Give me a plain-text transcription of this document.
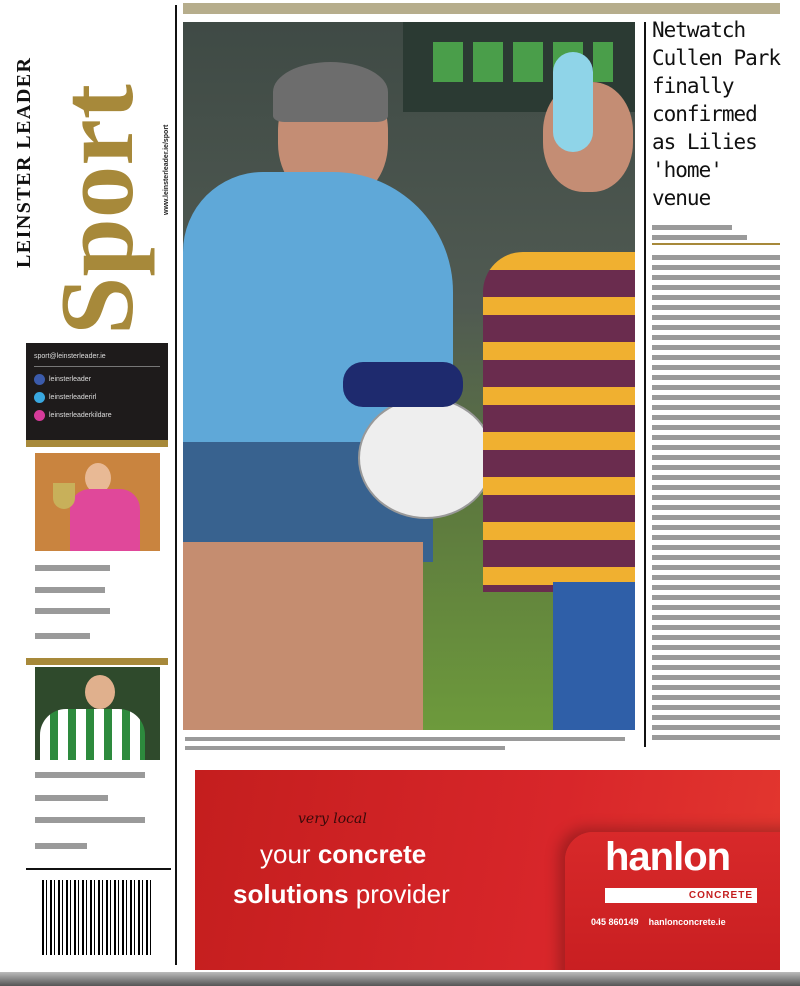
LEINSTER LEADER
Sport www.leinsterleader.ie/sport
sport@leinsterleader.ie
leinsterleader
leinsterleaderirl
leinsterleaderkildare
Netwatch Cullen Park finally confirmed as Lilies 'home' venue
very local
your concrete
solutions provider
hanlon
CONCRETE
045 860149 hanlonconcrete.ie
